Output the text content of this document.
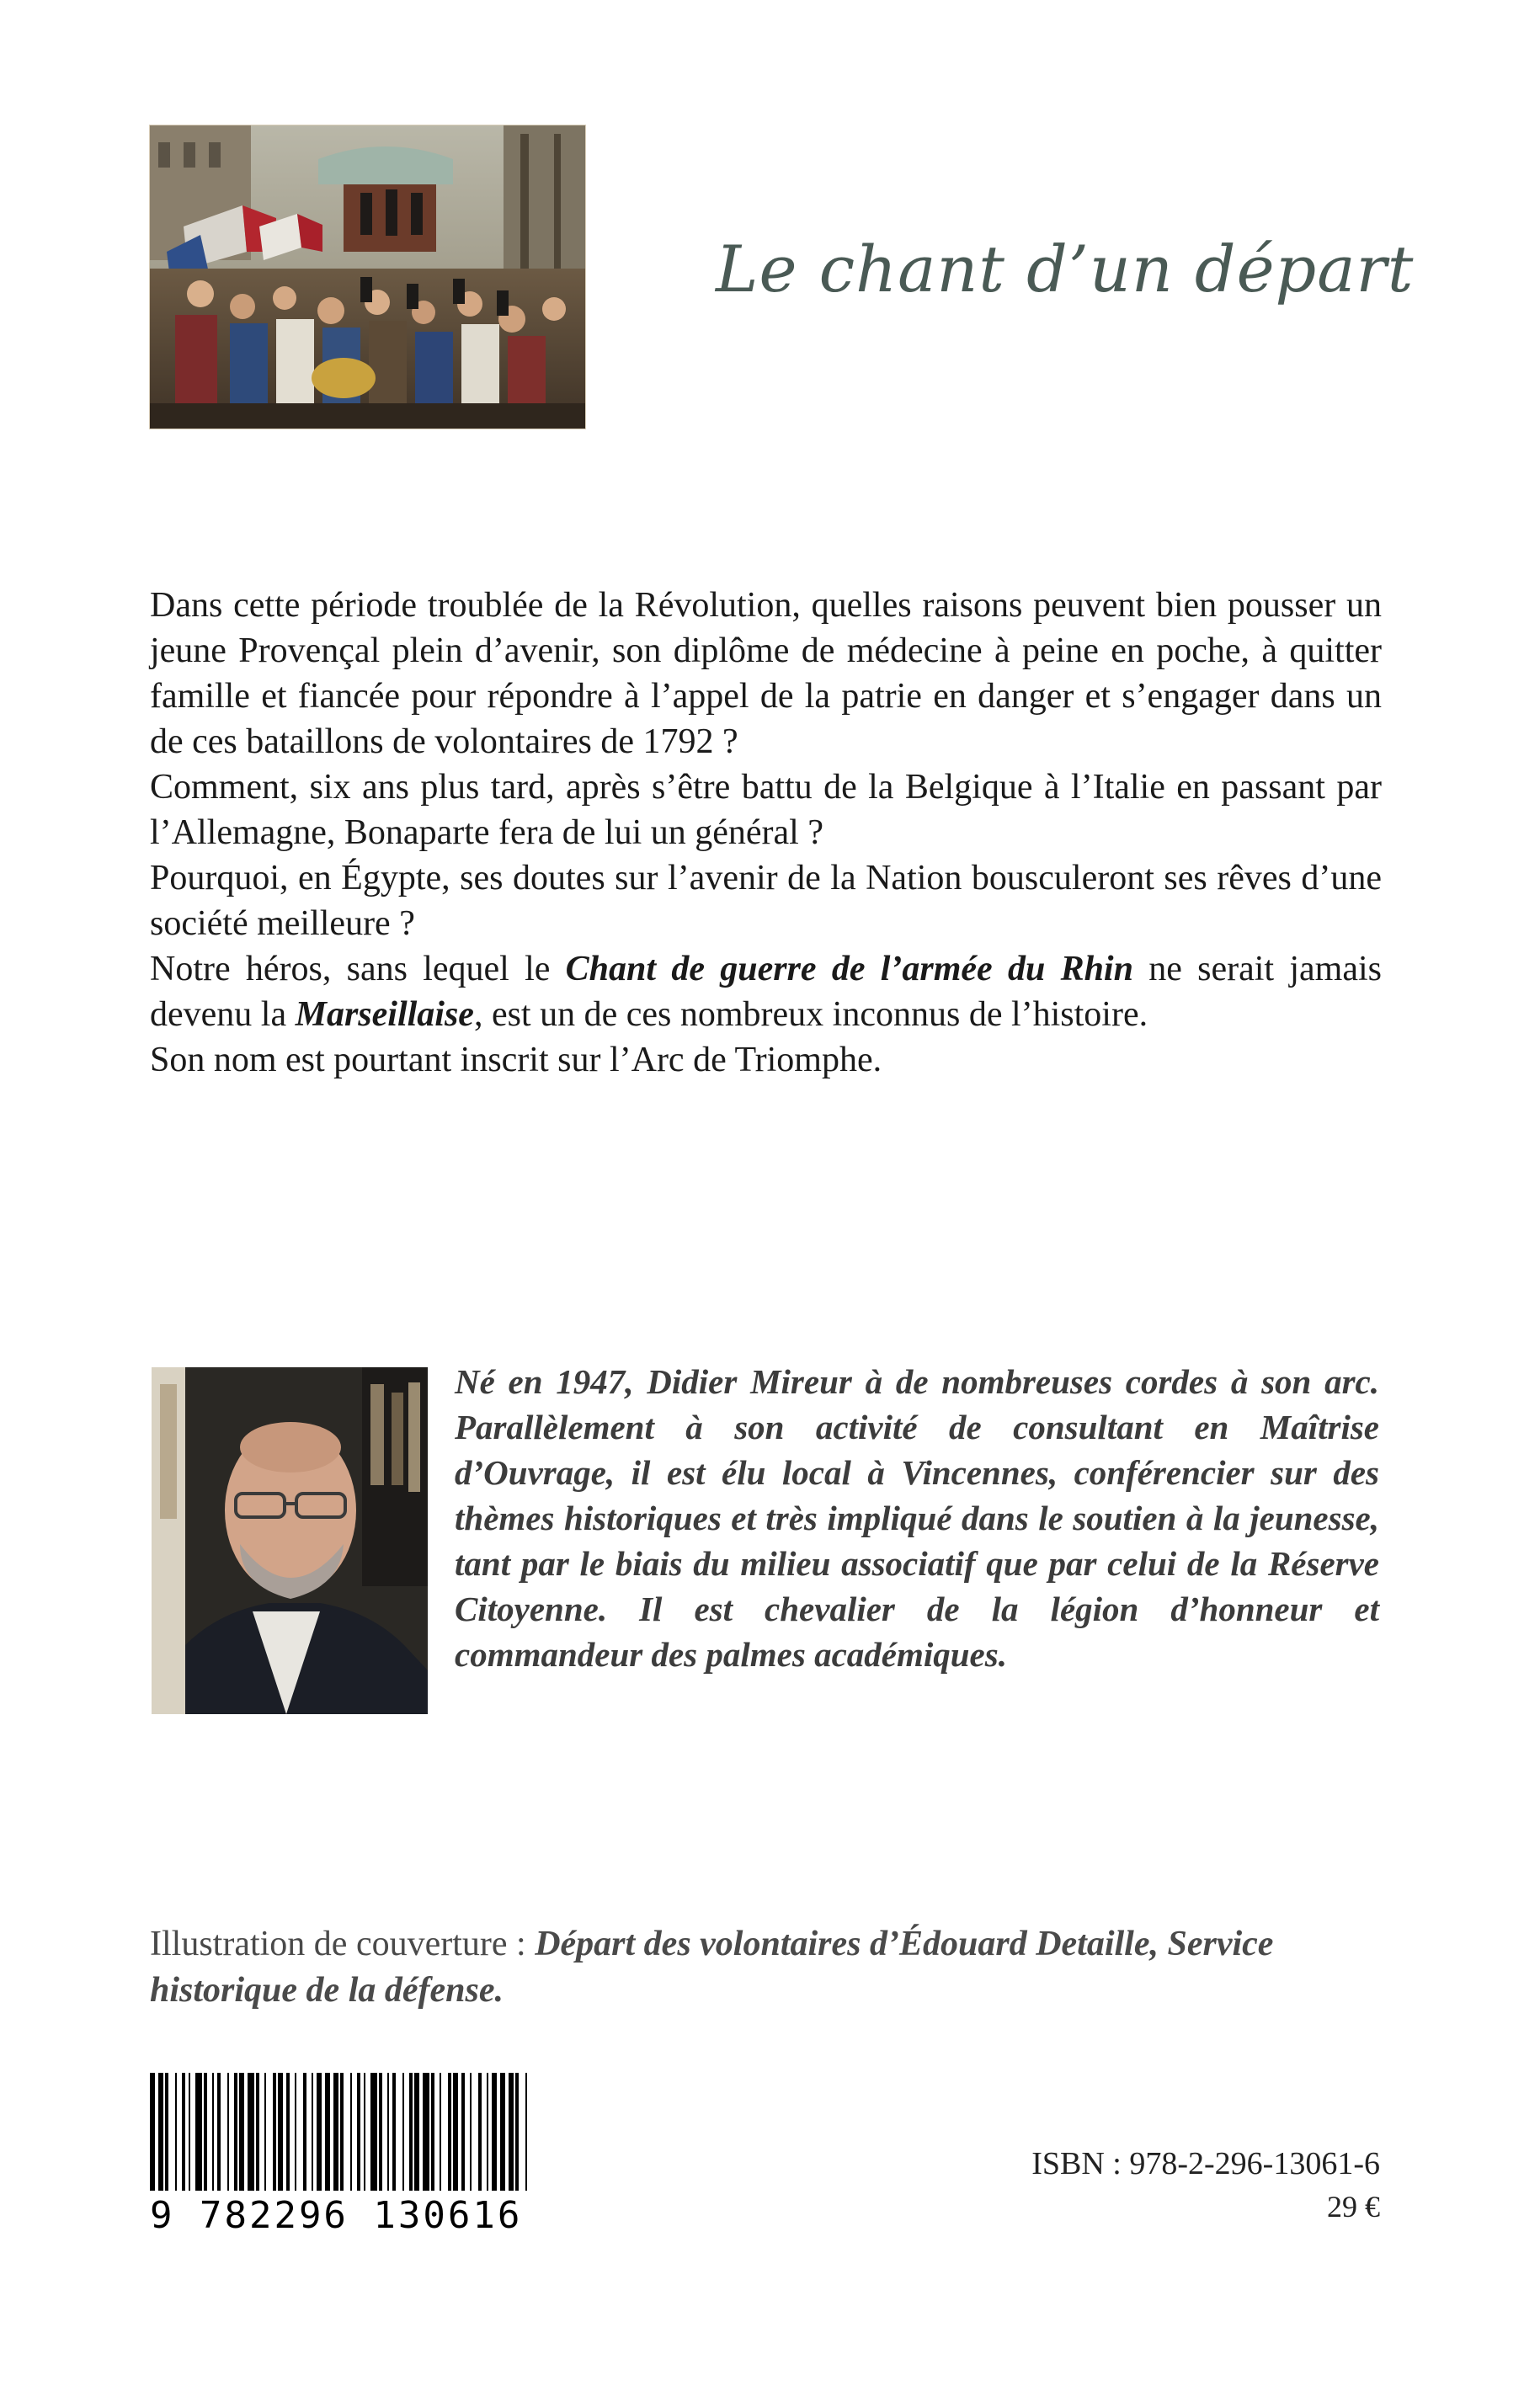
Le chant d’un départ

Dans cette période troublée de la Révolution, quelles raisons peuvent bien pousser un jeune Provençal plein d’avenir, son diplôme de médecine à peine en poche, à quitter famille et fiancée pour répondre à l’appel de la patrie en danger et s’engager dans un de ces bataillons de volontaires de 1792 ?

Comment, six ans plus tard, après s’être battu de la Belgique à l’Italie en passant par l’Allemagne, Bonaparte fera de lui un général ?

Pourquoi, en Égypte, ses doutes sur l’avenir de la Nation bousculeront ses rêves d’une société meilleure ?

Notre héros, sans lequel le Chant de guerre de l’armée du Rhin ne serait jamais devenu la Marseillaise, est un de ces nombreux inconnus de l’histoire.

Son nom est pourtant inscrit sur l’Arc de Triomphe.

Né en 1947, Didier Mireur à de nombreuses cordes à son arc. Parallèlement à son activité de consultant en Maîtrise d’Ouvrage, il est élu local à Vincennes, conférencier sur des thèmes historiques et très impliqué dans le soutien à la jeunesse, tant par le biais du milieu associatif que par celui de la Réserve Citoyenne. Il est chevalier de la légion d’honneur et commandeur des palmes académiques.

Illustration de couverture : Départ des volontaires d’Édouard Detaille, Service historique de la défense.
9 782296 130616
ISBN : 978-2-296-13061-6
29 €
